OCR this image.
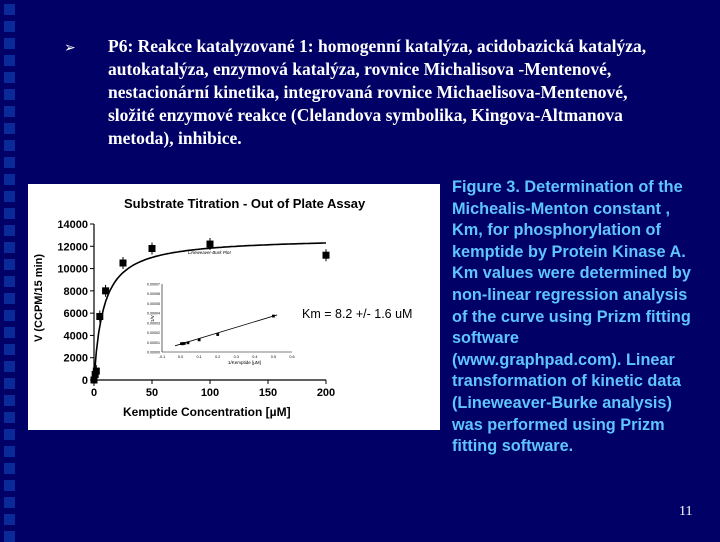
➢ P6: Reakce katalyzované 1: homogenní katalýza, acidobazická katalýza, autokatalýza, enzymová katalýza, rovnice Michalisova -Mentenové, nestacionární kinetika, integrovaná rovnice Michaelisova-Mentenové, složité enzymové reakce (Clelandova symbolika, Kingova-Altmanova metoda), inhibice.

Substrate Titration - Out of Plate Assay
0	50	100	150	200
0
2000
4000
6000
8000
10000
12000
14000
Kemptide Concentration [µM]
V (CCPM/15 min)	Km = 8.2 +/- 1.6 uM
Lineweaver-Burk Plot
1/V
1/Kemptide [µM]
-0.1	0.0	0.1	0.2	0.3	0.4	0.5	0.6
0.00000
0.00001
0.00002
0.00003
0.00004
0.00005
0.00006
0.00007

Figure 3. Determination of the Michealis-Menton constant , Km, for phosphorylation of kemptide by Protein Kinase A. Km values were determined by non-linear regression analysis of the curve using Prizm fitting software (www.graphpad.com). Linear transformation of kinetic data (Lineweaver-Burke analysis) was performed using Prizm fitting software.

11
